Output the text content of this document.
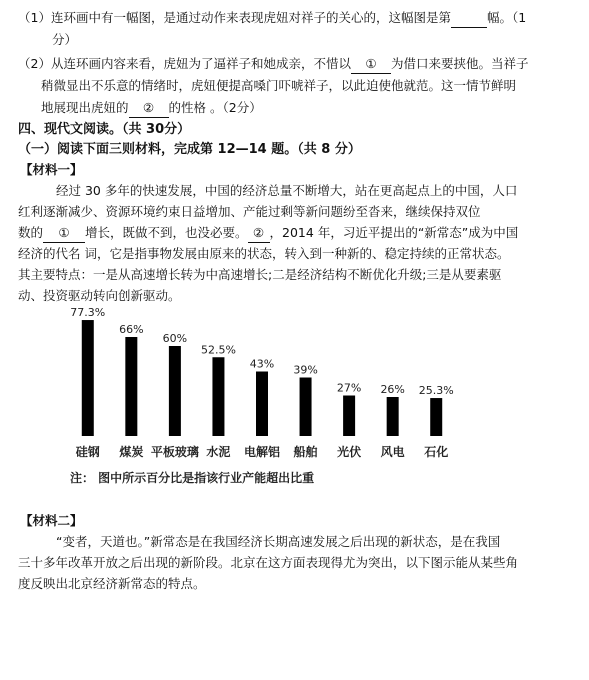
（1）连环画中有一幅图，是通过动作来表现虎妞对祥子的关心的，这幅图是第	幅。（1
分）
（2）从连环画内容来看，虎妞为了逼祥子和她成亲，不惜以 ① 为借口来要挟他。当祥子
稍微显出不乐意的情绪时，虎妞便提高嗓门吓唬祥子，以此迫使他就范。这一情节鲜明
地展现出虎妞的 ② 的性格 。（2分）
四、现代文阅读。（共 30分）
（一）阅读下面三则材料，完成第 12—14 题。（共 8 分）
【材料一】
经过 30 多年的快速发展，中国的经济总量不断增大，站在更高起点上的中国，人口
红利逐渐减少、资源环境约束日益增加、产能过剩等新问题纷至沓来，继续保持双位
数的 ① 增长，既做不到，也没必要。 ② ，2014 年，习近平提出的“新常态”成为中国
经济的代名 词，它是指事物发展由原来的状态，转入到一种新的、稳定持续的正常状态。
其主要特点：一是从高速增长转为中高速增长;二是经济结构不断优化升级;三是从要素驱
动、投资驱动转向创新驱动。
77.3%
硅钢
66%
煤炭
60%
平板玻璃
52.5%
水泥
43%
电解铝
39%
船舶
27%
光伏
26%
风电
25.3%
石化
注： 图中所示百分比是指该行业产能超出比重
【材料二】
“变者，天道也。”新常态是在我国经济长期高速发展之后出现的新状态，是在我国
三十多年改革开放之后出现的新阶段。北京在这方面表现得尤为突出，以下图示能从某些角
度反映出北京经济新常态的特点。
